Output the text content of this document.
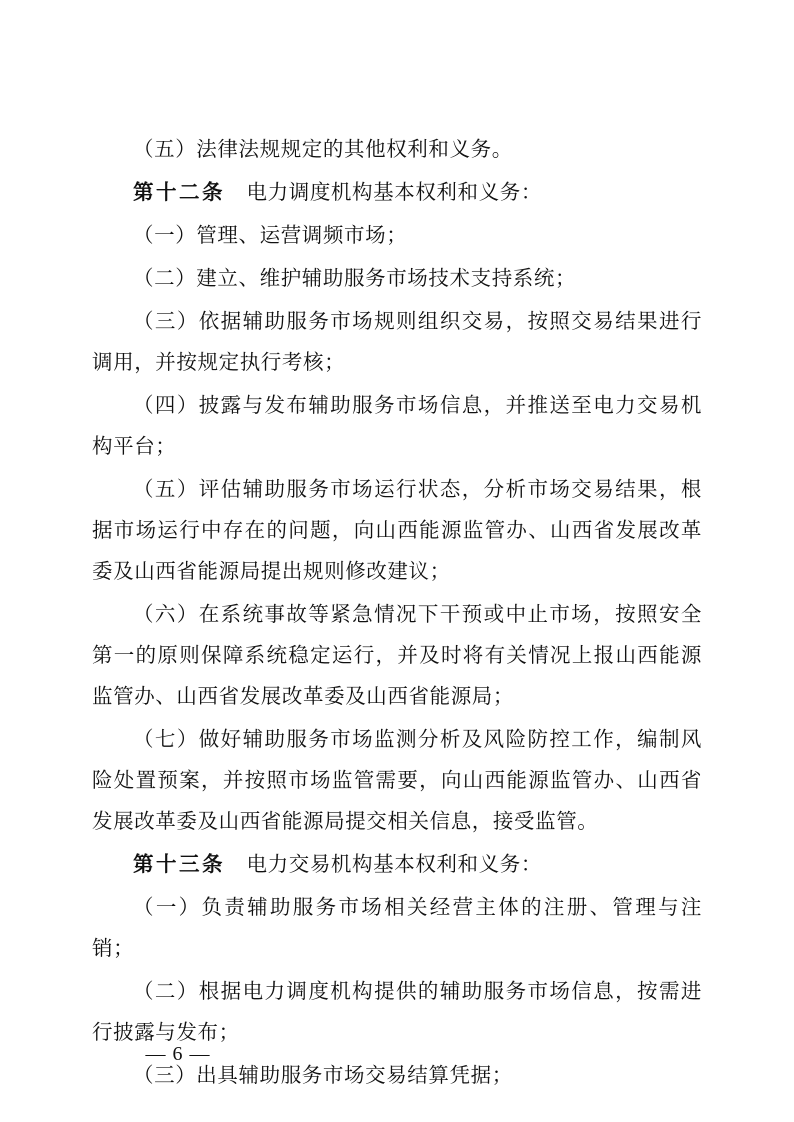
（五）法律法规规定的其他权利和义务。

第十二条 电力调度机构基本权利和义务：

（一）管理、运营调频市场；

（二）建立、维护辅助服务市场技术支持系统；

（三）依据辅助服务市场规则组织交易，按照交易结果进行调用，并按规定执行考核；

（四）披露与发布辅助服务市场信息，并推送至电力交易机构平台；

（五）评估辅助服务市场运行状态，分析市场交易结果，根据市场运行中存在的问题，向山西能源监管办、山西省发展改革委及山西省能源局提出规则修改建议；

（六）在系统事故等紧急情况下干预或中止市场，按照安全第一的原则保障系统稳定运行，并及时将有关情况上报山西能源监管办、山西省发展改革委及山西省能源局；

（七）做好辅助服务市场监测分析及风险防控工作，编制风险处置预案，并按照市场监管需要，向山西能源监管办、山西省发展改革委及山西省能源局提交相关信息，接受监管。

第十三条 电力交易机构基本权利和义务：

（一）负责辅助服务市场相关经营主体的注册、管理与注销；

（二）根据电力调度机构提供的辅助服务市场信息，按需进行披露与发布；

（三）出具辅助服务市场交易结算凭据；

— 6 —
